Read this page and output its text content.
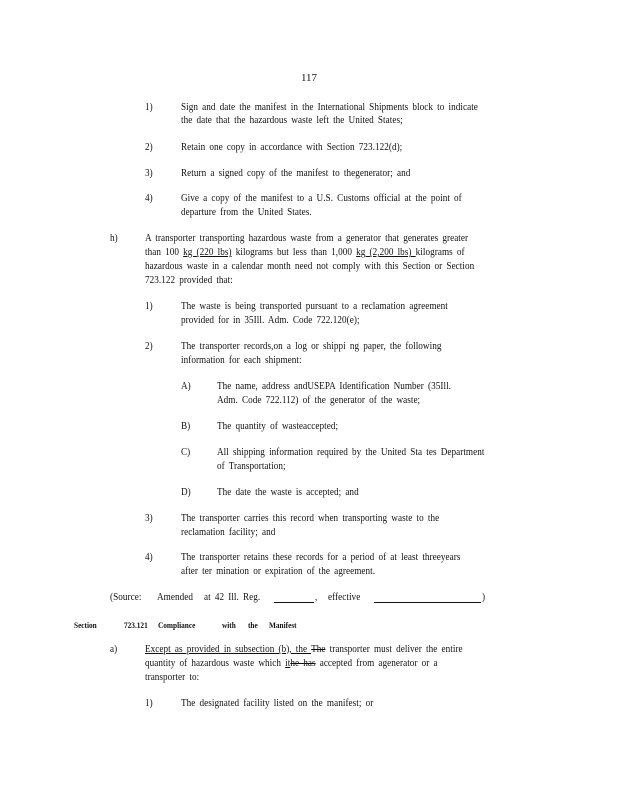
117
1)	Sign and date the manifest in the International Shipments block to indicate
the date that the hazardous waste left the United States;
2)	Retain one copy in accordance with Section 723.122(d);
3)	Return a signed copy of the manifest to thegenerator; and
4)	Give a copy of the manifest to a U.S. Customs official at the point of
departure from the United States.
h)	A transporter transporting hazardous waste from a generator that generates greater
than 100 kg (220 lbs) kilograms but less than 1,000 kg (2,200 lbs) kilograms of
hazardous waste in a calendar month need not comply with this Section or Section
723.122 provided that:
1)	The waste is being transported pursuant to a reclamation agreement
provided for in 35Ill. Adm. Code 722.120(e);
2)	The transporter records,on a log or shippi ng paper, the following
information for each shipment:
A)	The name, address andUSEPA Identification Number (35Ill.
Adm. Code 722.112) of the generator of the waste;
B)	The quantity of wasteaccepted;
C)	All shipping information required by the United Sta tes Department
of Transportation;
D)	The date the waste is accepted; and
3)	The transporter carries this record when transporting waste to the
reclamation facility; and
4)	The transporter retains these records for a period of at least threeyears
after ter mination or expiration of the agreement.
(Source: Amended at 42 Ill. Reg.	, effective	)
Section	723.121 Compliance	with the Manifest
a)	Except as provided in subsection (b), the The transporter must deliver the entire
quantity of hazardous waste which ithe has accepted from agenerator or a
transporter to:
1)	The designated facility listed on the manifest; or
